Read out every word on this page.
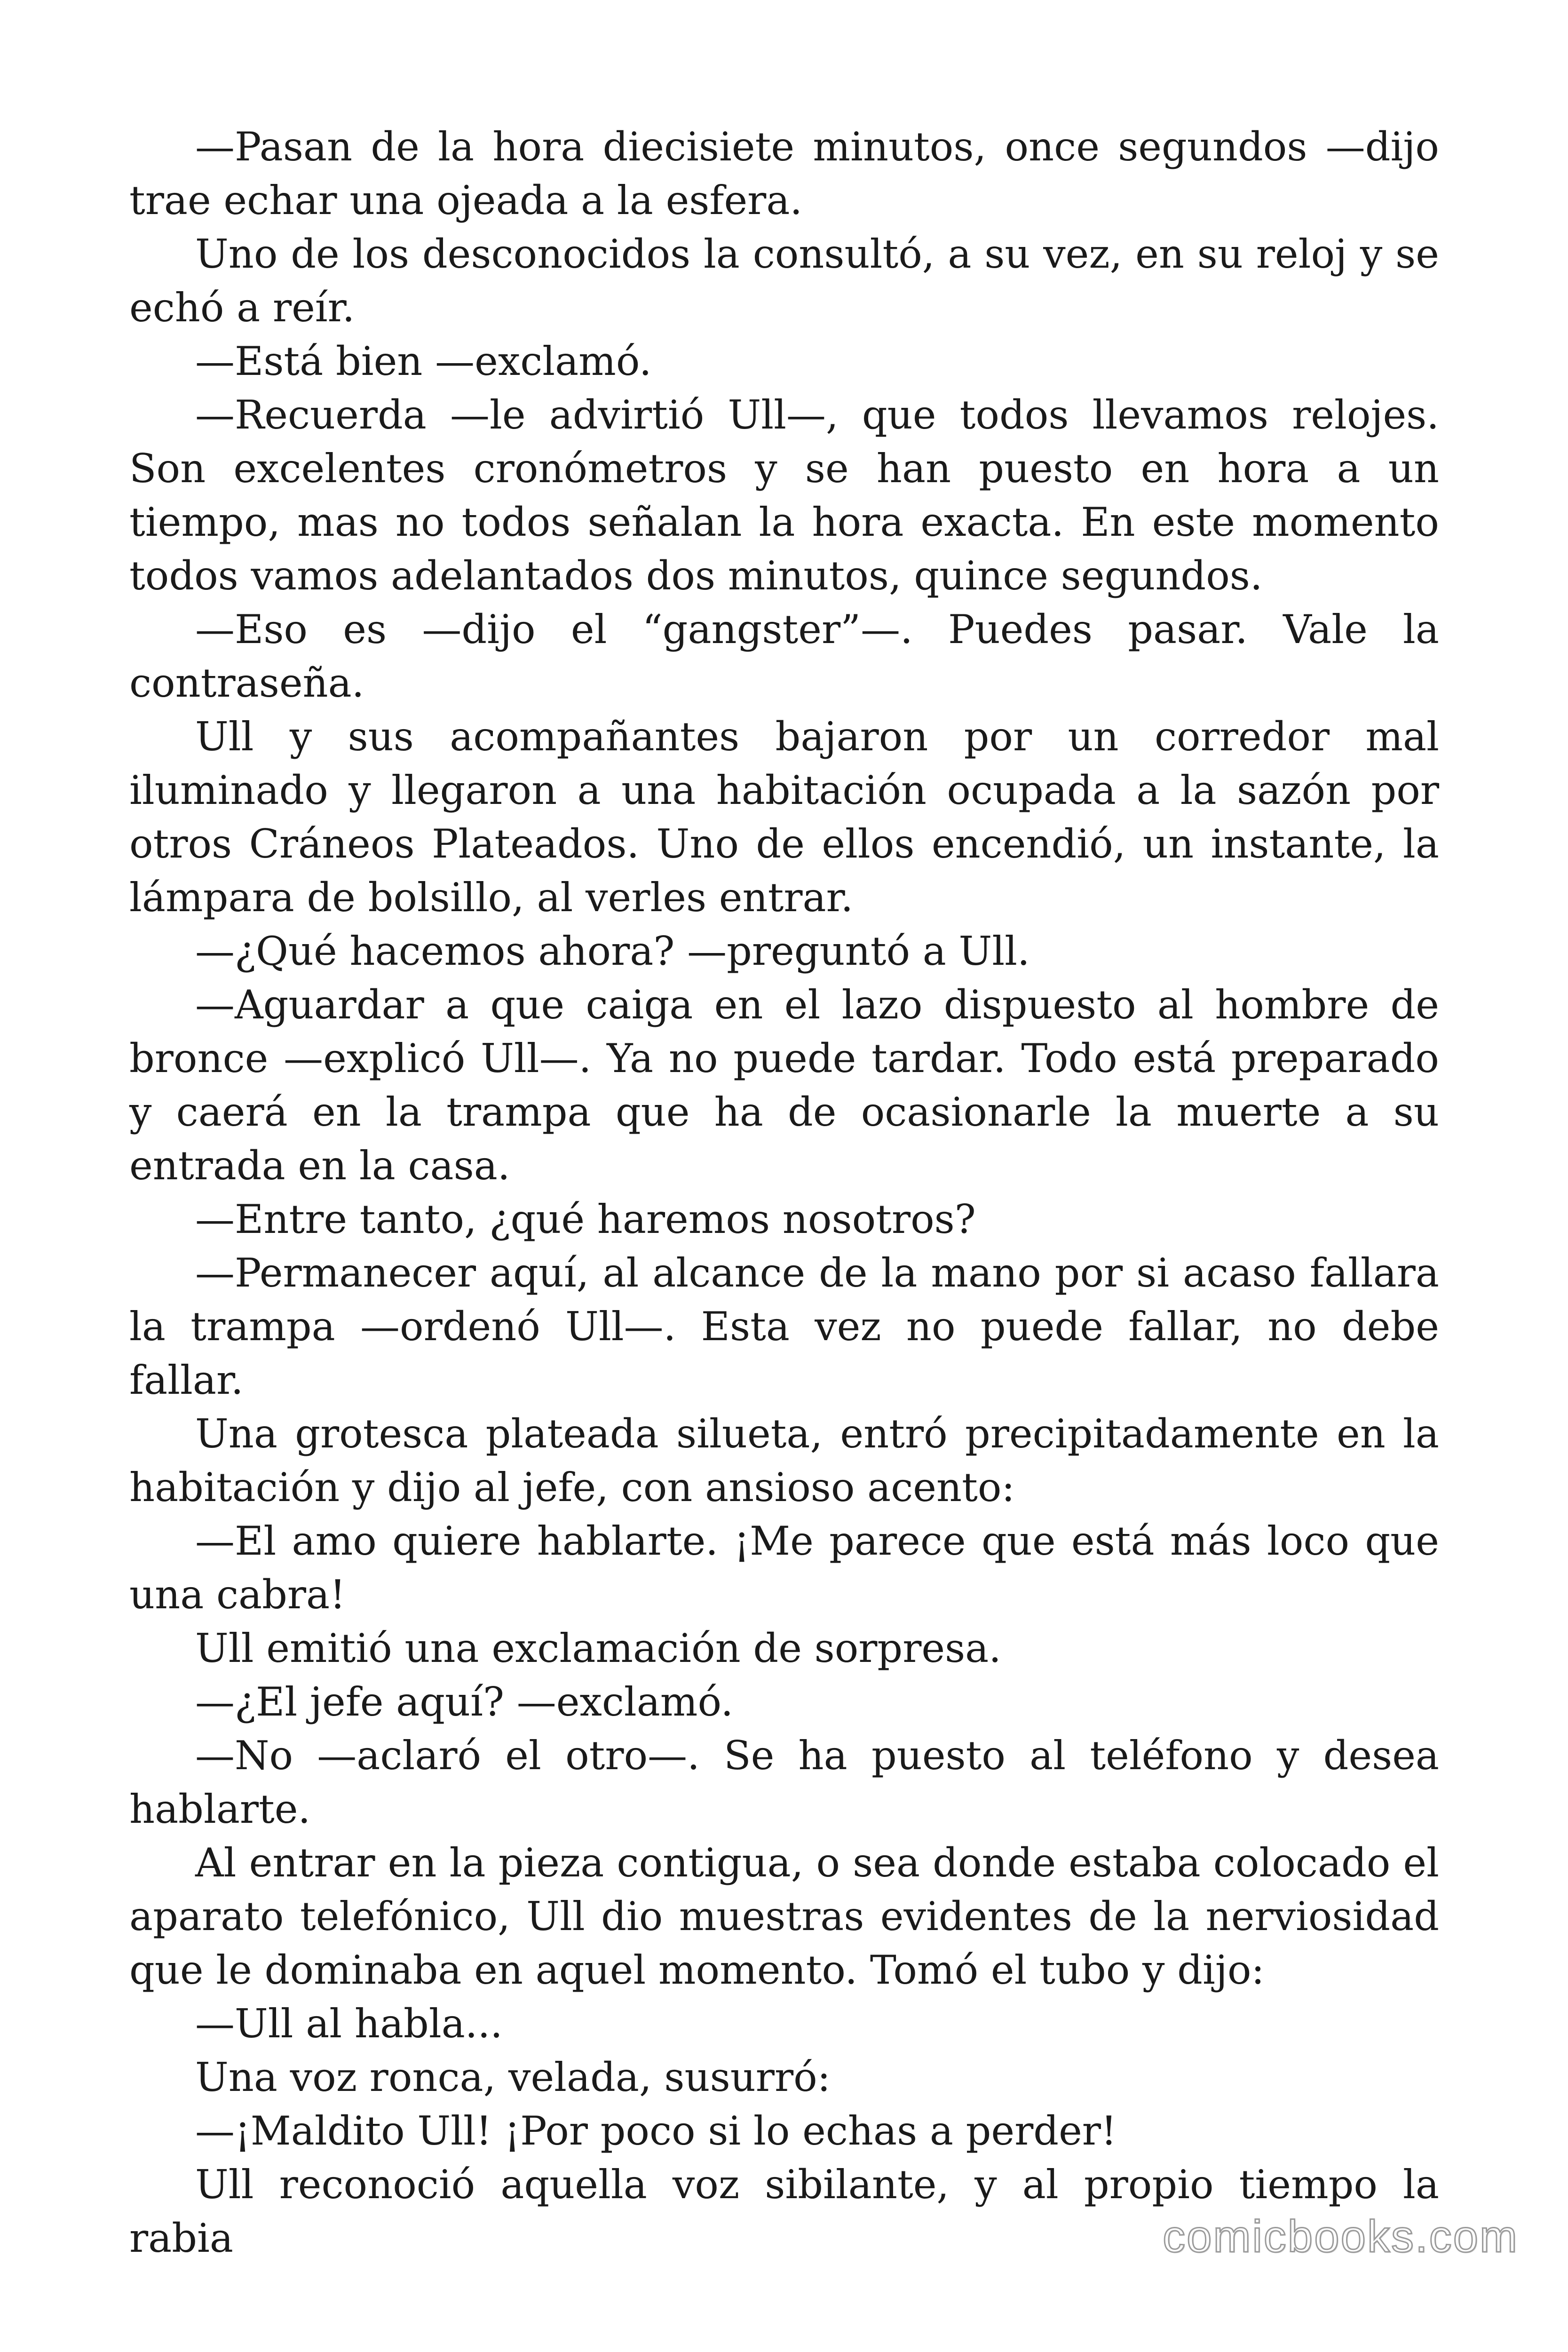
—Pasan de la hora diecisiete minutos, once segundos —dijo trae echar una ojeada a la esfera.

Uno de los desconocidos la consultó, a su vez, en su reloj y se echó a reír.

—Está bien —exclamó.

—Recuerda —le advirtió Ull—, que todos llevamos relojes. Son excelentes cronómetros y se han puesto en hora a un tiempo, mas no todos señalan la hora exacta. En este momento todos vamos adelantados dos minutos, quince segundos.

—Eso es —dijo el “gangster”—. Puedes pasar. Vale la contraseña.

Ull y sus acompañantes bajaron por un corredor mal iluminado y llegaron a una habitación ocupada a la sazón por otros Cráneos Plateados. Uno de ellos encendió, un instante, la lámpara de bolsillo, al verles entrar.

—¿Qué hacemos ahora? —preguntó a Ull.

—Aguardar a que caiga en el lazo dispuesto al hombre de bronce —explicó Ull—. Ya no puede tardar. Todo está preparado y caerá en la trampa que ha de ocasionarle la muerte a su entrada en la casa.

—Entre tanto, ¿qué haremos nosotros?

—Permanecer aquí, al alcance de la mano por si acaso fallara la trampa —ordenó Ull—. Esta vez no puede fallar, no debe fallar.

Una grotesca plateada silueta, entró precipitadamente en la habitación y dijo al jefe, con ansioso acento:

—El amo quiere hablarte. ¡Me parece que está más loco que una cabra!

Ull emitió una exclamación de sorpresa.

—¿El jefe aquí? —exclamó.

—No —aclaró el otro—. Se ha puesto al teléfono y desea hablarte.

Al entrar en la pieza contigua, o sea donde estaba colocado el aparato telefónico, Ull dio muestras evidentes de la nerviosidad que le dominaba en aquel momento. Tomó el tubo y dijo:

—Ull al habla...

Una voz ronca, velada, susurró:

—¡Maldito Ull! ¡Por poco si lo echas a perder!

Ull reconoció aquella voz sibilante, y al propio tiempo la rabia	comicbooks.com
